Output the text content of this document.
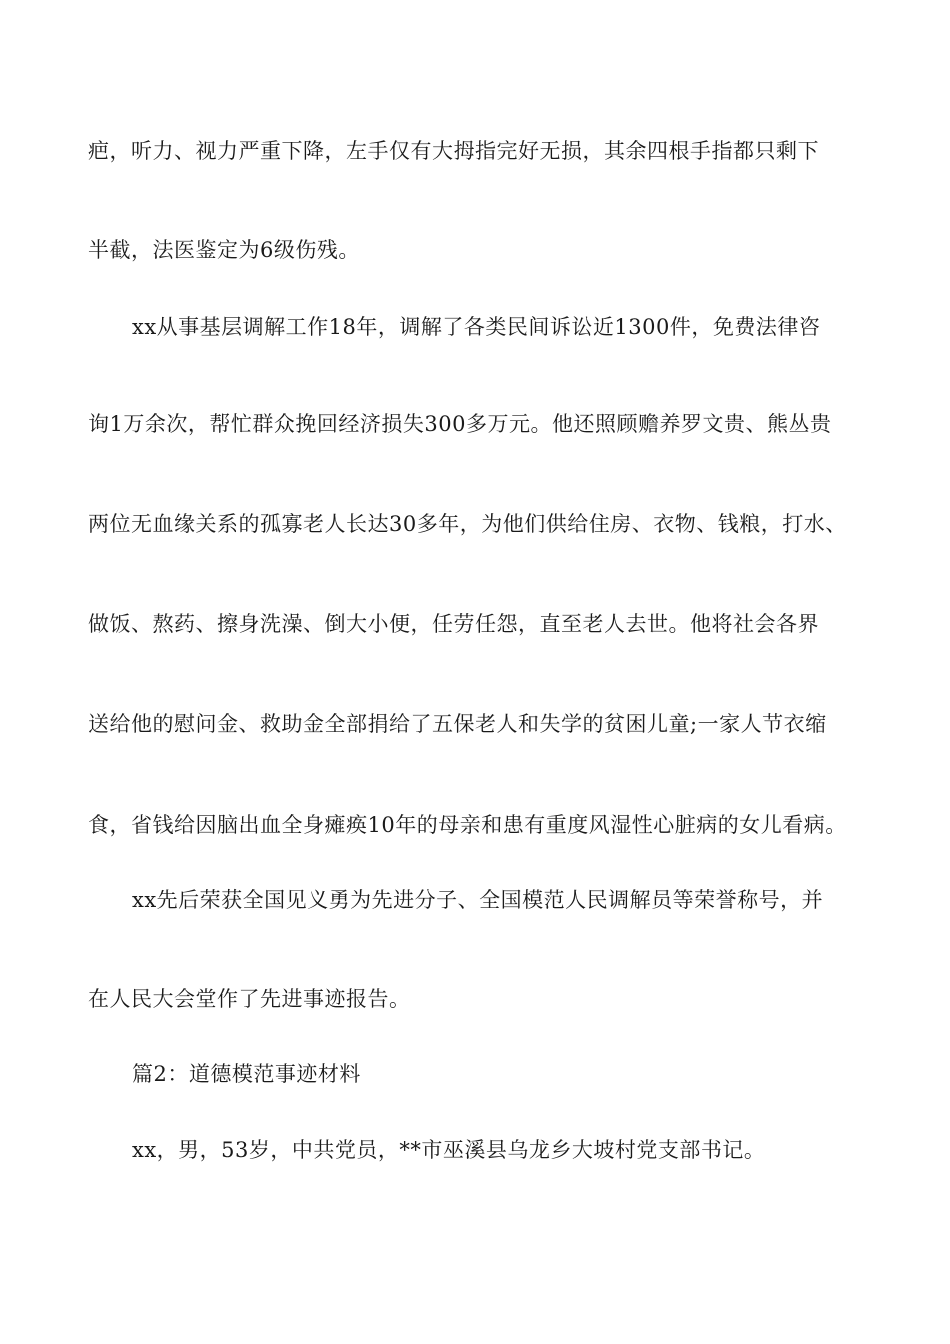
疤，听力、视力严重下降，左手仅有大拇指完好无损，其余四根手指都只剩下
半截，法医鉴定为6级伤残。
xx从事基层调解工作18年，调解了各类民间诉讼近1300件，免费法律咨
询1万余次，帮忙群众挽回经济损失300多万元。他还照顾赡养罗文贵、熊丛贵
两位无血缘关系的孤寡老人长达30多年，为他们供给住房、衣物、钱粮，打水、
做饭、熬药、擦身洗澡、倒大小便，任劳任怨，直至老人去世。他将社会各界
送给他的慰问金、救助金全部捐给了五保老人和失学的贫困儿童;一家人节衣缩
食，省钱给因脑出血全身瘫痪10年的母亲和患有重度风湿性心脏病的女儿看病。
xx先后荣获全国见义勇为先进分子、全国模范人民调解员等荣誉称号，并
在人民大会堂作了先进事迹报告。
篇2：道德模范事迹材料
xx，男，53岁，中共党员，**市巫溪县乌龙乡大坡村党支部书记。
